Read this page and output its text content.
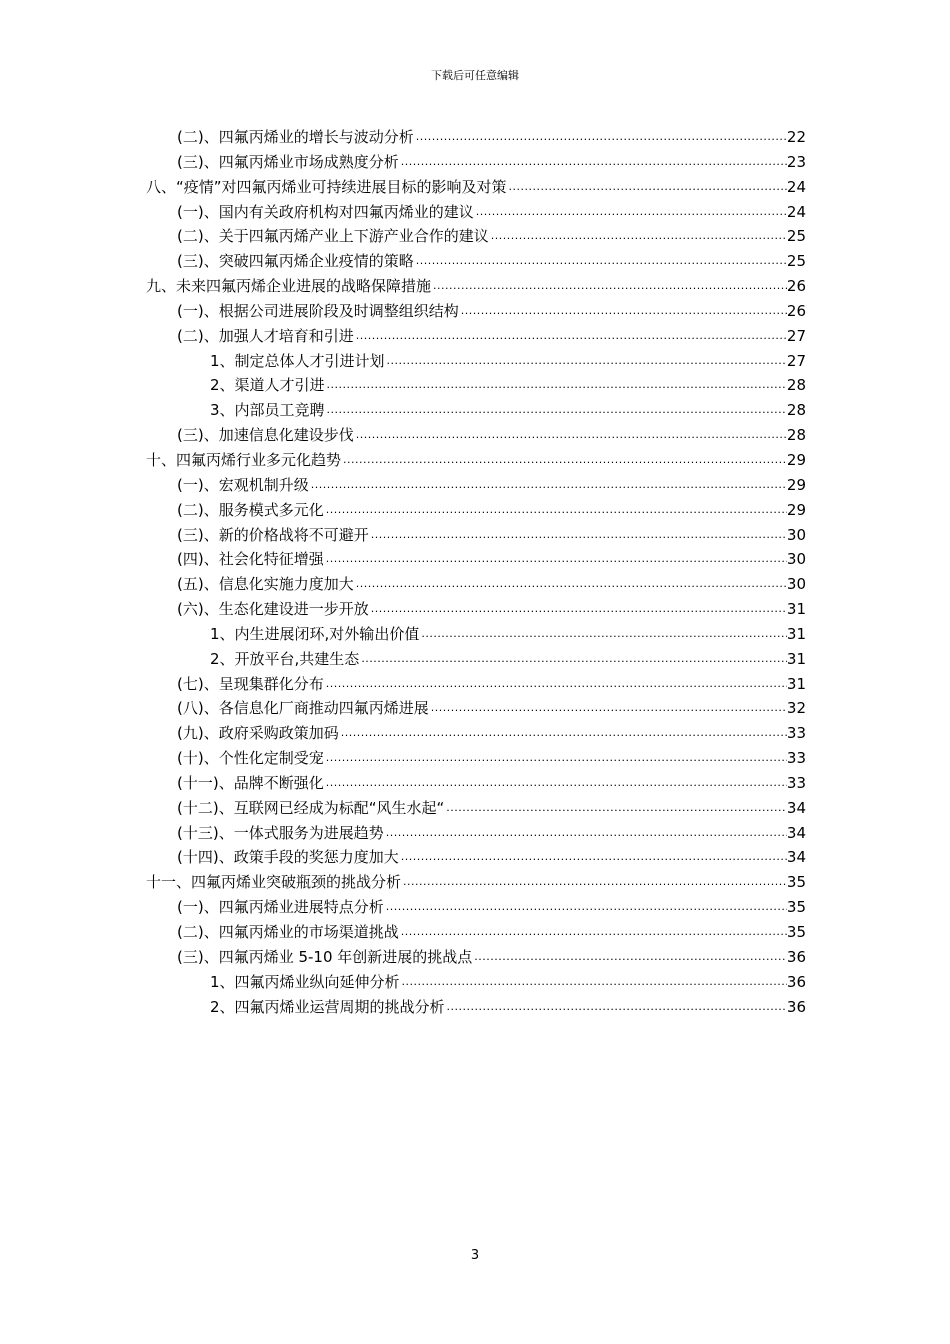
下载后可任意编辑
(二)、四氟丙烯业的增长与波动分析 .....	22
(三)、四氟丙烯业市场成熟度分析 .....	23
八、“疫情”对四氟丙烯业可持续进展目标的影响及对策 .....	24
(一)、国内有关政府机构对四氟丙烯业的建议 .....	24
(二)、关于四氟丙烯产业上下游产业合作的建议 .....	25
(三)、突破四氟丙烯企业疫情的策略 .....	25
九、未来四氟丙烯企业进展的战略保障措施 .....	26
(一)、根据公司进展阶段及时调整组织结构 .....	26
(二)、加强人才培育和引进 .....	27
1、制定总体人才引进计划 .....	27
2、渠道人才引进 .....	28
3、内部员工竞聘 .....	28
(三)、加速信息化建设步伐 .....	28
十、四氟丙烯行业多元化趋势 .....	29
(一)、宏观机制升级 .....	29
(二)、服务模式多元化 .....	29
(三)、新的价格战将不可避开 .....	30
(四)、社会化特征增强 .....	30
(五)、信息化实施力度加大 .....	30
(六)、生态化建设进一步开放 .....	31
1、内生进展闭环,对外输出价值 .....	31
2、开放平台,共建生态 .....	31
(七)、呈现集群化分布 .....	31
(八)、各信息化厂商推动四氟丙烯进展 .....	32
(九)、政府采购政策加码 .....	33
(十)、个性化定制受宠 .....	33
(十一)、品牌不断强化 .....	33
(十二)、互联网已经成为标配“风生水起“ .....	34
(十三)、一体式服务为进展趋势 .....	34
(十四)、政策手段的奖惩力度加大 .....	34
十一、四氟丙烯业突破瓶颈的挑战分析 .....	35
(一)、四氟丙烯业进展特点分析 .....	35
(二)、四氟丙烯业的市场渠道挑战 .....	35
(三)、四氟丙烯业 5-10 年创新进展的挑战点 .....	36
1、四氟丙烯业纵向延伸分析 .....	36
2、四氟丙烯业运营周期的挑战分析 .....	36
3
